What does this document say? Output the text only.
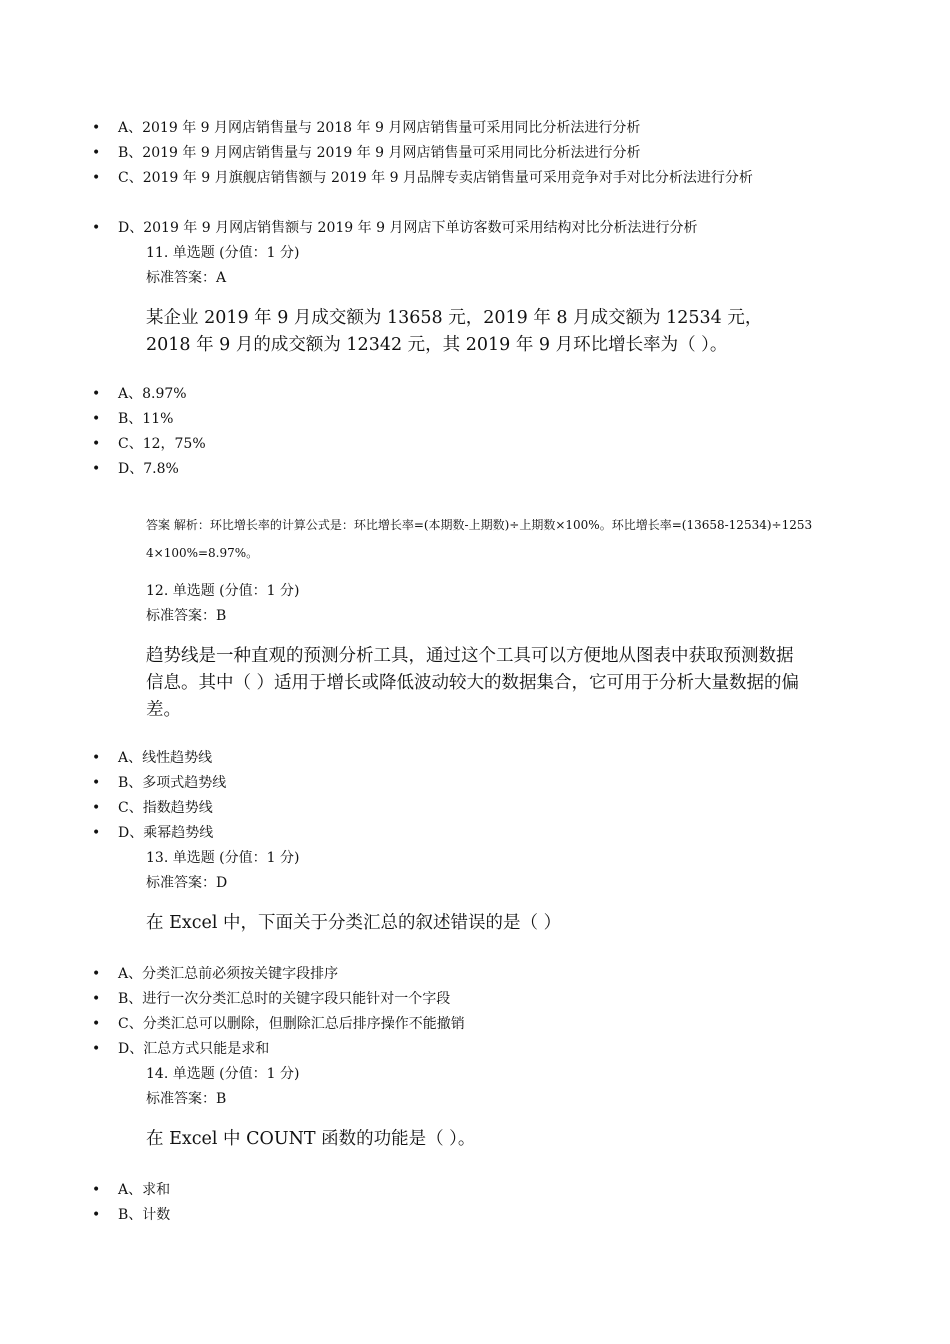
• A、2019 年 9 月网店销售量与 2018 年 9 月网店销售量可采用同比分析法进行分析
• B、2019 年 9 月网店销售量与 2019 年 9 月网店销售量可采用同比分析法进行分析
• C、2019 年 9 月旗舰店销售额与 2019 年 9 月品牌专卖店销售量可采用竞争对手对比分析法进行分析
• D、2019 年 9 月网店销售额与 2019 年 9 月网店下单访客数可采用结构对比分析法进行分析
11. 单选题 (分值：1 分)
标准答案：A
某企业 2019 年 9 月成交额为 13658 元，2019 年 8 月成交额为 12534 元，2018 年 9 月的成交额为 12342 元，其 2019 年 9 月环比增长率为（ ）。
• A、8.97%
• B、11%
• C、12，75%
• D、7.8%
答案 解析：环比增长率的计算公式是：环比增长率=(本期数-上期数)÷上期数×100%。环比增长率=(13658-12534)÷12534×100%=8.97%。
12. 单选题 (分值：1 分)
标准答案：B
趋势线是一种直观的预测分析工具，通过这个工具可以方便地从图表中获取预测数据信息。其中（ ）适用于增长或降低波动较大的数据集合，它可用于分析大量数据的偏差。
• A、线性趋势线
• B、多项式趋势线
• C、指数趋势线
• D、乘幂趋势线
13. 单选题 (分值：1 分)
标准答案：D
在 Excel 中，下面关于分类汇总的叙述错误的是（ ）
• A、分类汇总前必须按关键字段排序
• B、进行一次分类汇总时的关键字段只能针对一个字段
• C、分类汇总可以删除，但删除汇总后排序操作不能撤销
• D、汇总方式只能是求和
14. 单选题 (分值：1 分)
标准答案：B
在 Excel 中 COUNT 函数的功能是（ ）。
• A、求和
• B、计数
